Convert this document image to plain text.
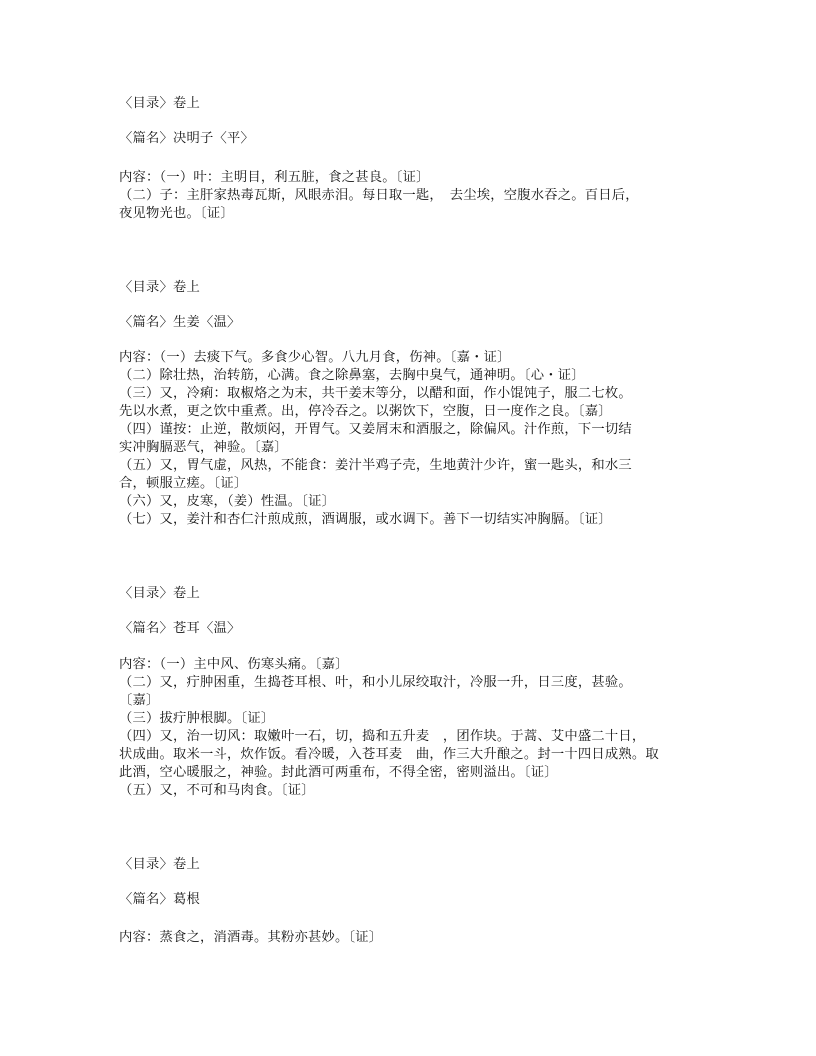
〈目录〉卷上
〈篇名〉决明子〈平〉
内容：（一）叶：主明目，利五脏，食之甚良。〔证〕
（二）子：主肝家热毒瓦斯，风眼赤泪。每日取一匙，　去尘埃，空腹水吞之。百日后，
夜见物光也。〔证〕
〈目录〉卷上
〈篇名〉生姜〈温〉
内容：（一）去痰下气。多食少心智。八九月食，伤神。〔嘉・证〕
（二）除壮热，治转筋，心满。食之除鼻塞，去胸中臭气，通神明。〔心・证〕
（三）又，冷痢：取椒烙之为末，共干姜末等分，以醋和面，作小馄饨子，服二七枚。
先以水煮，更之饮中重煮。出，停冷吞之。以粥饮下，空腹，日一度作之良。〔嘉〕
（四）谨按：止逆，散烦闷，开胃气。又姜屑末和酒服之，除偏风。汁作煎，下一切结
实冲胸膈恶气，神验。〔嘉〕
（五）又，胃气虚，风热，不能食：姜汁半鸡子壳，生地黄汁少许，蜜一匙头，和水三
合，顿服立瘥。〔证〕
（六）又，皮寒，（姜）性温。〔证〕
（七）又，姜汁和杏仁汁煎成煎，酒调服，或水调下。善下一切结实冲胸膈。〔证〕
〈目录〉卷上
〈篇名〉苍耳〈温〉
内容：（一）主中风、伤寒头痛。〔嘉〕
（二）又，疔肿困重，生捣苍耳根、叶，和小儿尿绞取汁，冷服一升，日三度，甚验。
〔嘉〕
（三）拔疔肿根脚。〔证〕
（四）又，治一切风：取嫩叶一石，切，捣和五升麦　，团作块。于蒿、艾中盛二十日，
状成曲。取米一斗，炊作饭。看冷暖，入苍耳麦　曲，作三大升酿之。封一十四日成熟。取
此酒，空心暖服之，神验。封此酒可两重布，不得全密，密则溢出。〔证〕
（五）又，不可和马肉食。〔证〕
〈目录〉卷上
〈篇名〉葛根
内容：蒸食之，消酒毒。其粉亦甚妙。〔证〕
